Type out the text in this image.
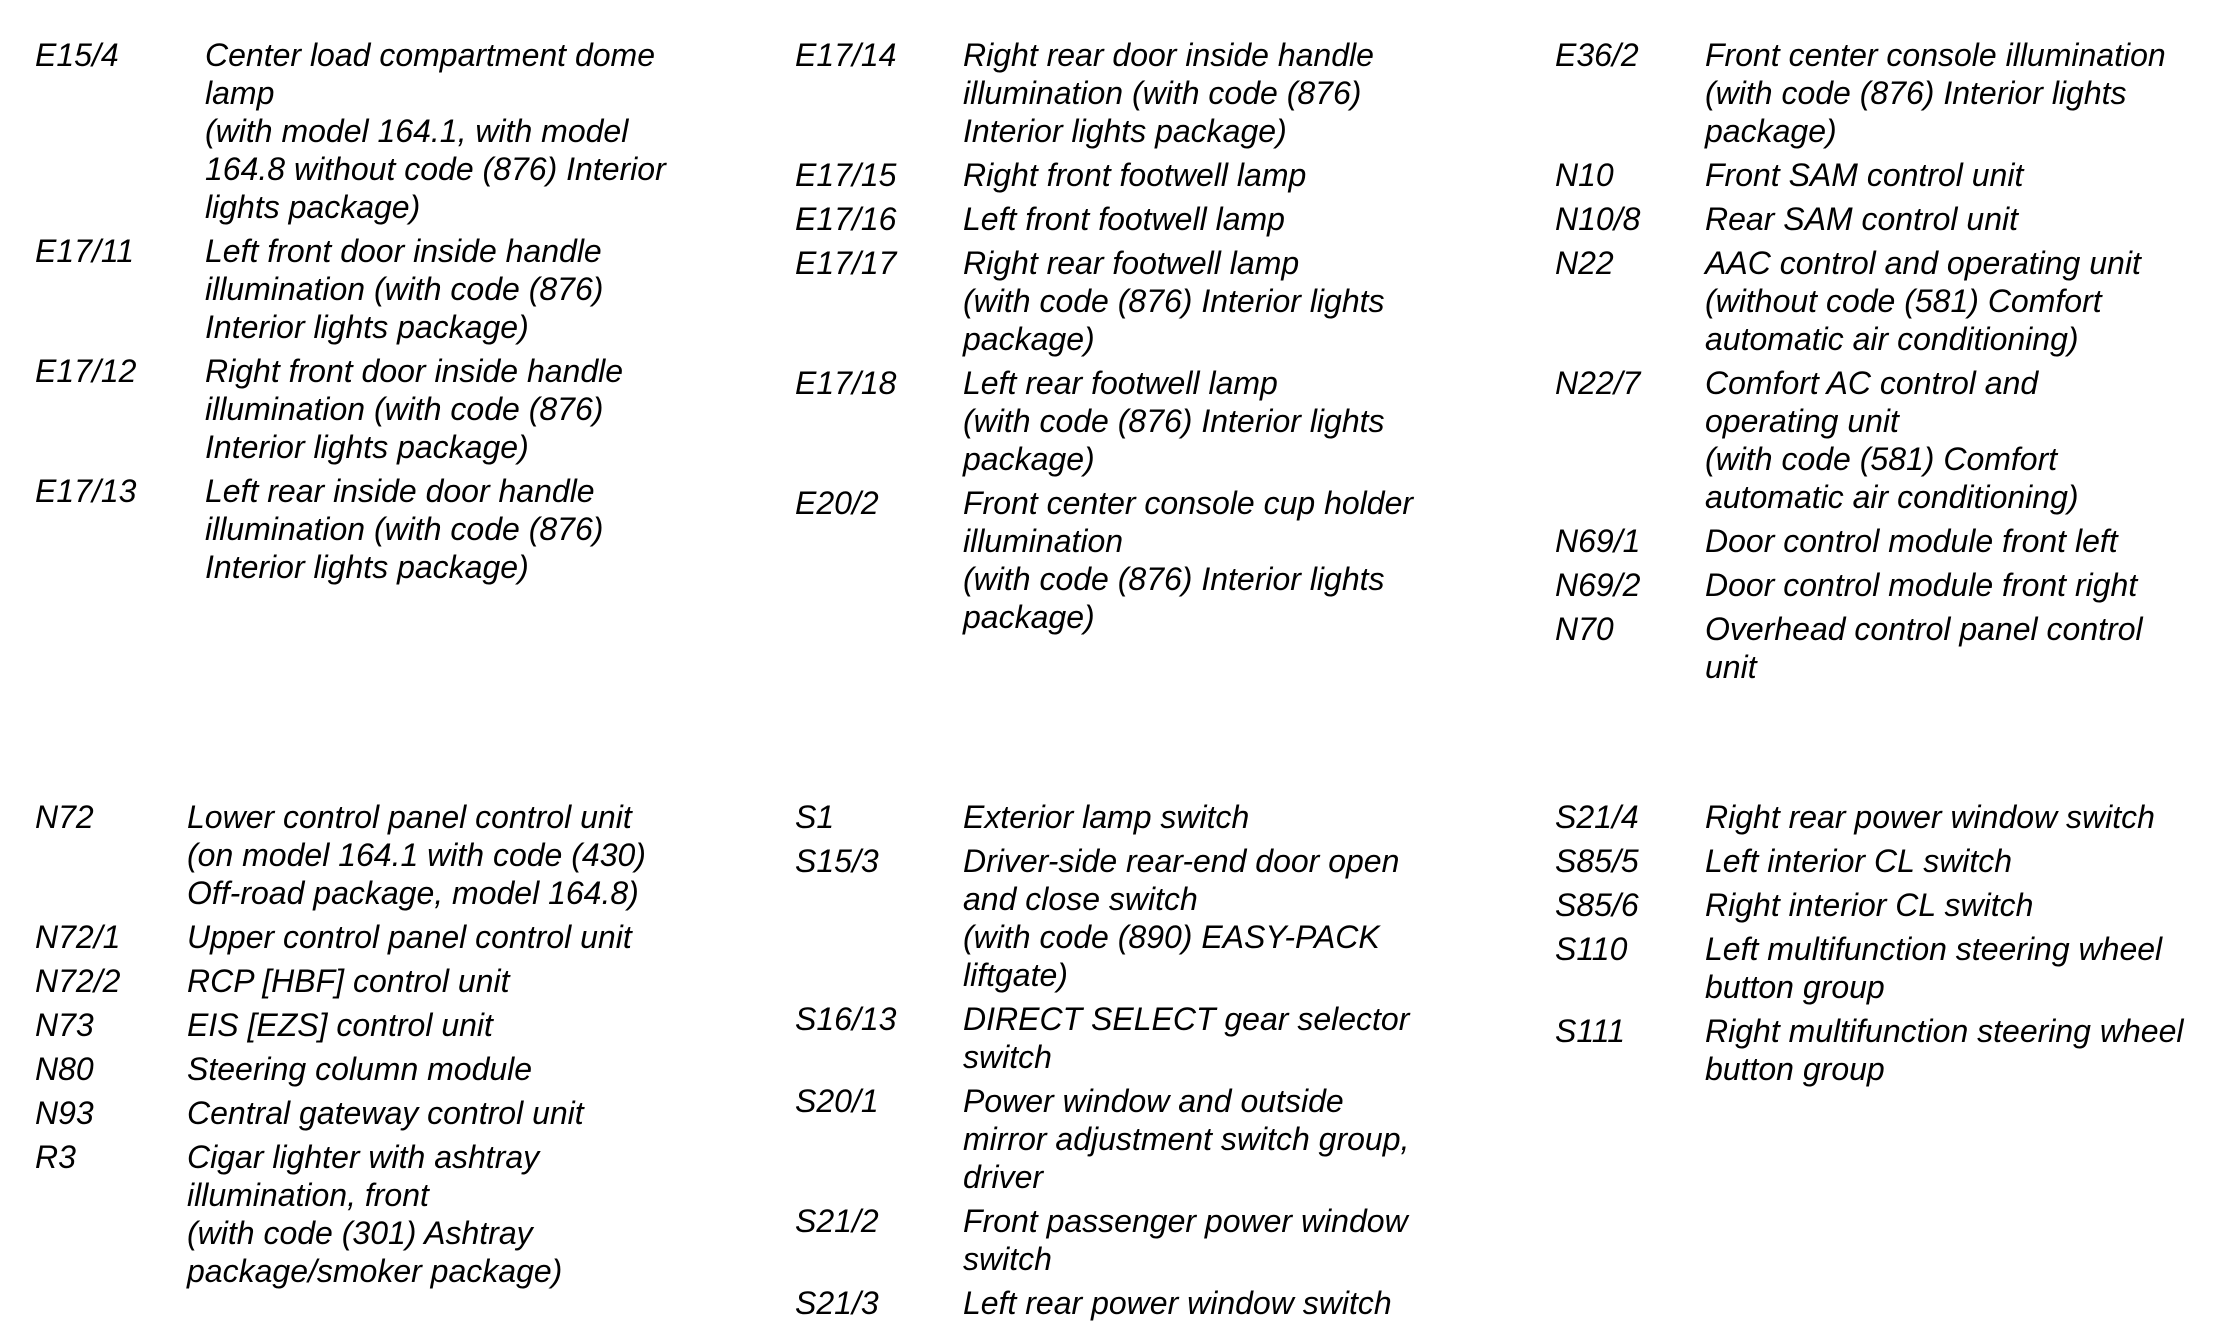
E15/4	Center load compartment dome
lamp
(with model 164.1, with model
164.8 without code (876) Interior
lights package)
E17/11	Left front door inside handle
illumination (with code (876)
Interior lights package)
E17/12	Right front door inside handle
illumination (with code (876)
Interior lights package)
E17/13	Left rear inside door handle
illumination (with code (876)
Interior lights package)
E17/14	Right rear door inside handle
illumination (with code (876)
Interior lights package)
E17/15	Right front footwell lamp
E17/16	Left front footwell lamp
E17/17	Right rear footwell lamp
(with code (876) Interior lights
package)
E17/18	Left rear footwell lamp
(with code (876) Interior lights
package)
E20/2	Front center console cup holder
illumination
(with code (876) Interior lights
package)
E36/2	Front center console illumination
(with code (876) Interior lights
package)
N10	Front SAM control unit
N10/8	Rear SAM control unit
N22	AAC control and operating unit
(without code (581) Comfort
automatic air conditioning)
N22/7	Comfort AC control and
operating unit
(with code (581) Comfort
automatic air conditioning)
N69/1	Door control module front left
N69/2	Door control module front right
N70	Overhead control panel control
unit
N72	Lower control panel control unit
(on model 164.1 with code (430)
Off-road package, model 164.8)
N72/1	Upper control panel control unit
N72/2	RCP [HBF] control unit
N73	EIS [EZS] control unit
N80	Steering column module
N93	Central gateway control unit
R3	Cigar lighter with ashtray
illumination, front
(with code (301) Ashtray
package/smoker package)
S1	Exterior lamp switch
S15/3	Driver-side rear-end door open
and close switch
(with code (890) EASY-PACK
liftgate)
S16/13	DIRECT SELECT gear selector
switch
S20/1	Power window and outside
mirror adjustment switch group,
driver
S21/2	Front passenger power window
switch
S21/3	Left rear power window switch
S21/4	Right rear power window switch
S85/5	Left interior CL switch
S85/6	Right interior CL switch
S110	Left multifunction steering wheel
button group
S111	Right multifunction steering wheel
button group
